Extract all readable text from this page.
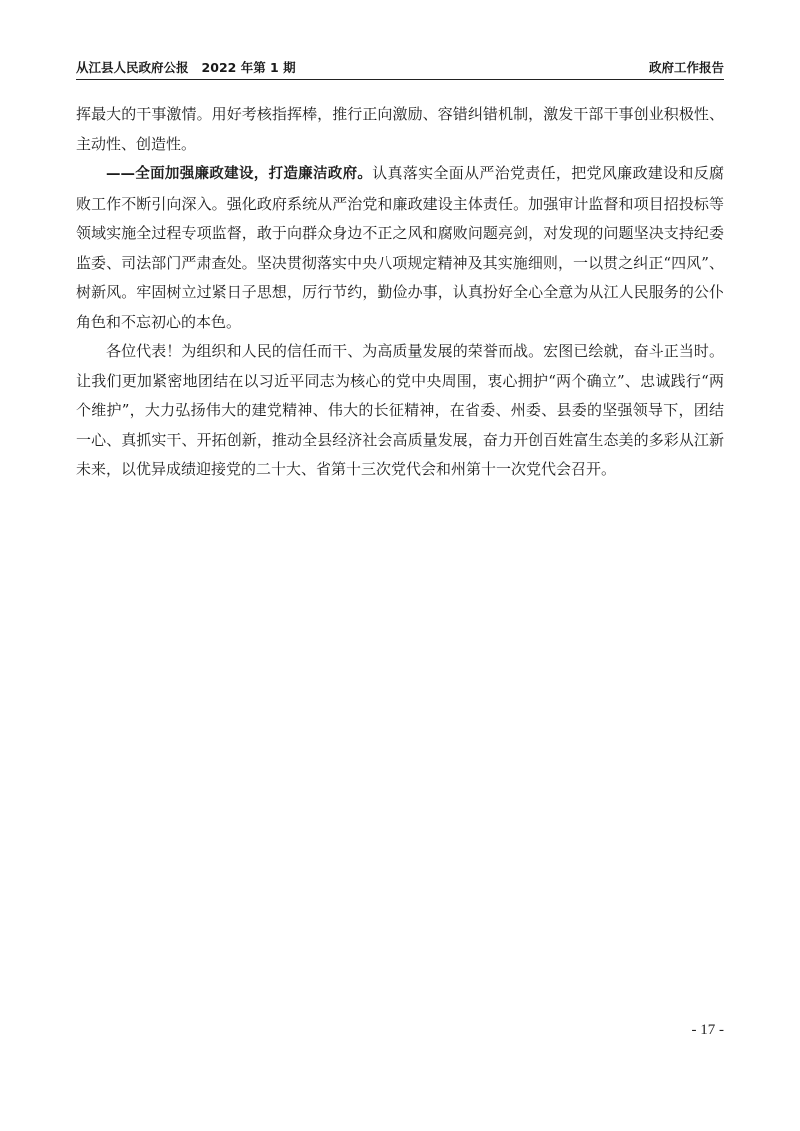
从江县人民政府公报   2022 年第 1 期	政府工作报告

挥最大的干事激情。用好考核指挥棒，推行正向激励、容错纠错机制，激发干部干事创业积极性、主动性、创造性。

——全面加强廉政建设，打造廉洁政府。认真落实全面从严治党责任，把党风廉政建设和反腐败工作不断引向深入。强化政府系统从严治党和廉政建设主体责任。加强审计监督和项目招投标等领域实施全过程专项监督，敢于向群众身边不正之风和腐败问题亮剑，对发现的问题坚决支持纪委监委、司法部门严肃查处。坚决贯彻落实中央八项规定精神及其实施细则，一以贯之纠正“四风”、树新风。牢固树立过紧日子思想，厉行节约，勤俭办事，认真扮好全心全意为从江人民服务的公仆角色和不忘初心的本色。

各位代表！为组织和人民的信任而干、为高质量发展的荣誉而战。宏图已绘就，奋斗正当时。让我们更加紧密地团结在以习近平同志为核心的党中央周围，衷心拥护“两个确立”、忠诚践行“两个维护”，大力弘扬伟大的建党精神、伟大的长征精神，在省委、州委、县委的坚强领导下，团结一心、真抓实干、开拓创新，推动全县经济社会高质量发展，奋力开创百姓富生态美的多彩从江新未来，以优异成绩迎接党的二十大、省第十三次党代会和州第十一次党代会召开。

- 17 -
